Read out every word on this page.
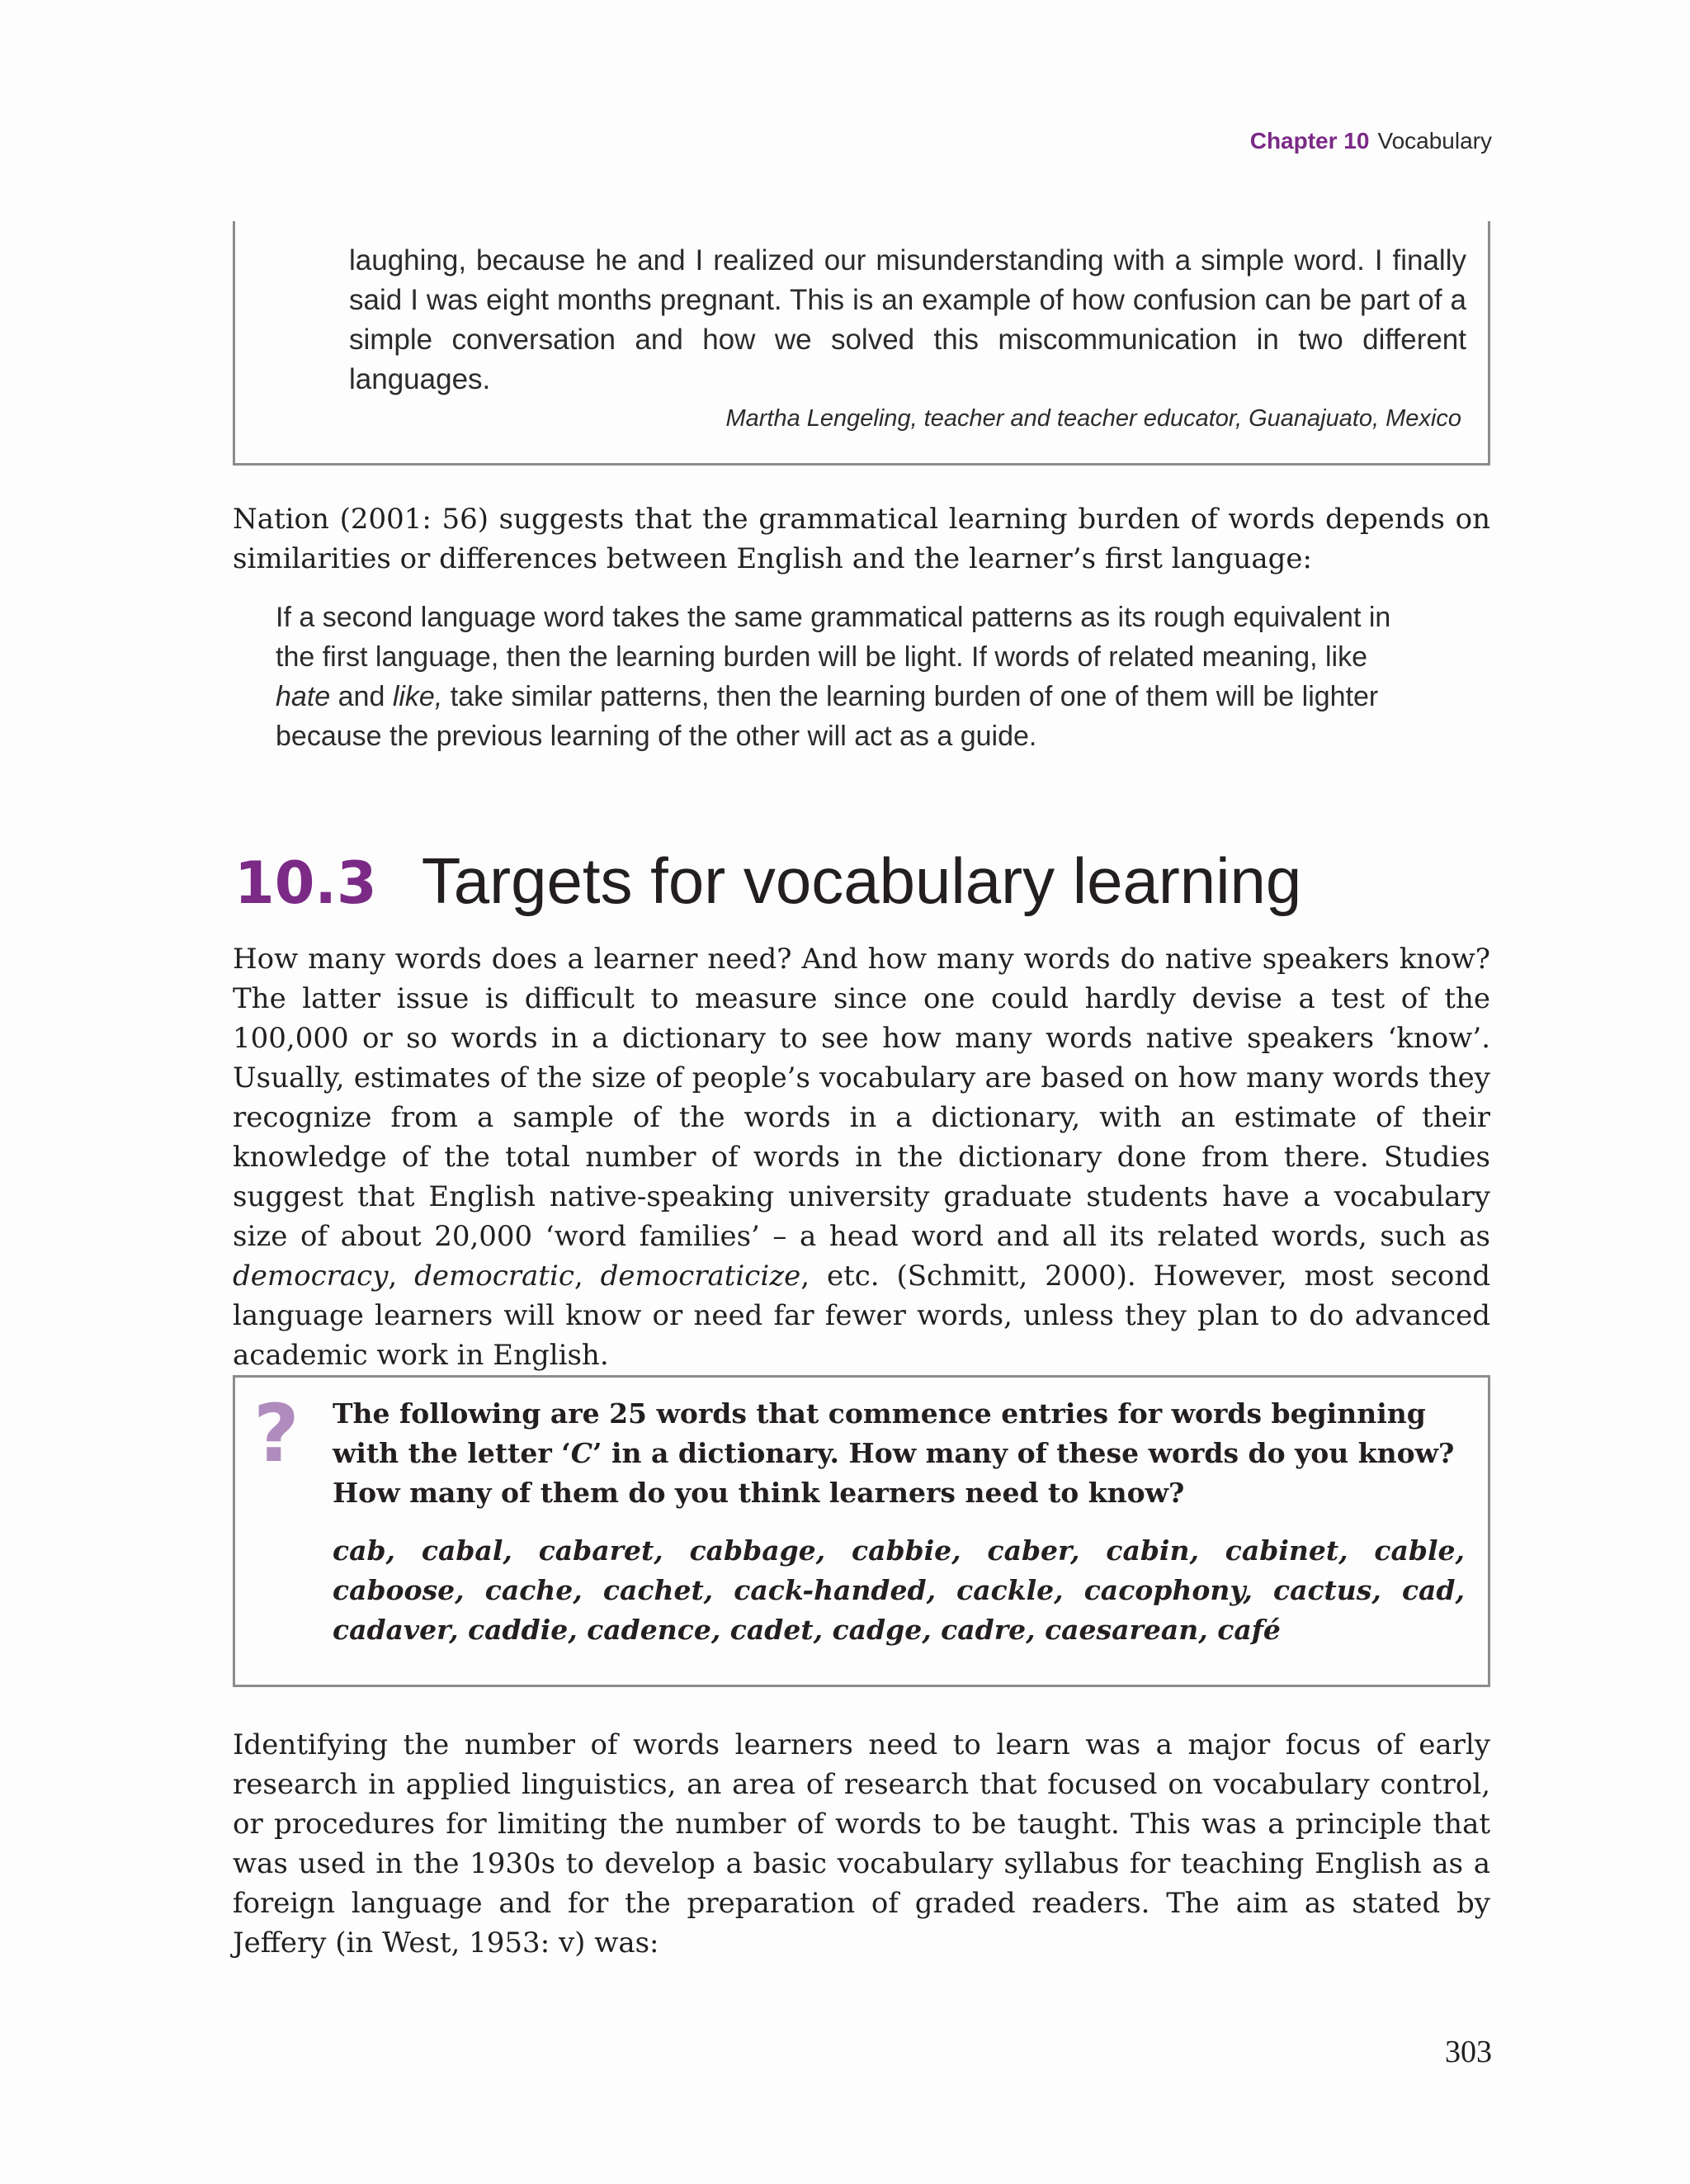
Chapter 10 Vocabulary
laughing, because he and I realized our misunderstanding with a simple word. I finally said I was eight months pregnant. This is an example of how confusion can be part of a simple conversation and how we solved this miscommunication in two different languages.
Martha Lengeling, teacher and teacher educator, Guanajuato, Mexico

Nation (2001: 56) suggests that the grammatical learning burden of words depends on similarities or differences between English and the learner’s first language:

If a second language word takes the same grammatical patterns as its rough equivalent in the first language, then the learning burden will be light. If words of related meaning, like hate and like, take similar patterns, then the learning burden of one of them will be lighter because the previous learning of the other will act as a guide.

10.3 Targets for vocabulary learning

How many words does a learner need? And how many words do native speakers know? The latter issue is difficult to measure since one could hardly devise a test of the 100,000 or so words in a dictionary to see how many words native speakers ‘know’. Usually, estimates of the size of people’s vocabulary are based on how many words they recognize from a sample of the words in a dictionary, with an estimate of their knowledge of the total number of words in the dictionary done from there. Studies suggest that English native-speaking university graduate students have a vocabulary size of about 20,000 ‘word families’ – a head word and all its related words, such as democracy, democratic, democraticize, etc. (Schmitt, 2000). However, most second language learners will know or need far fewer words, unless they plan to do advanced academic work in English.

? The following are 25 words that commence entries for words beginning with the letter ‘C’ in a dictionary. How many of these words do you know? How many of them do you think learners need to know?

cab, cabal, cabaret, cabbage, cabbie, caber, cabin, cabinet, cable, caboose, cache, cachet, cack-handed, cackle, cacophony, cactus, cad, cadaver, caddie, cadence, cadet, cadge, cadre, caesarean, café

Identifying the number of words learners need to learn was a major focus of early research in applied linguistics, an area of research that focused on vocabulary control, or procedures for limiting the number of words to be taught. This was a principle that was used in the 1930s to develop a basic vocabulary syllabus for teaching English as a foreign language and for the preparation of graded readers. The aim as stated by Jeffery (in West, 1953: v) was:

303
